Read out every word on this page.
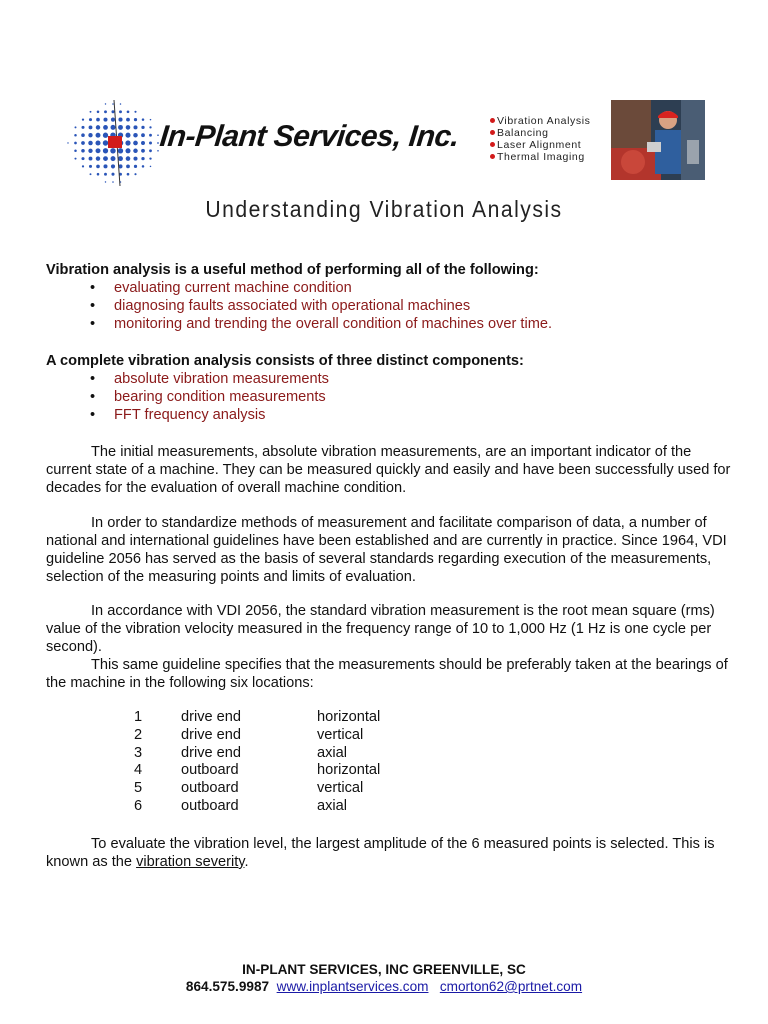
In-Plant Services, Inc.	Vibration Analysis
Balancing
Laser Alignment
Thermal Imaging
Understanding Vibration Analysis
Vibration analysis is a useful method of performing all of the following:
• evaluating current machine condition
• diagnosing faults associated with operational machines
• monitoring and trending the overall condition of machines over time.
A complete vibration analysis consists of three distinct components:
• absolute vibration measurements
• bearing condition measurements
• FFT frequency analysis

The initial measurements, absolute vibration measurements, are an important indicator of the current state of a machine. They can be measured quickly and easily and have been successfully used for decades for the evaluation of overall machine condition.

In order to standardize methods of measurement and facilitate comparison of data, a number of national and international guidelines have been established and are currently in practice. Since 1964, VDI guideline 2056 has served as the basis of several standards regarding execution of the measurements, selection of the measuring points and limits of evaluation.

In accordance with VDI 2056, the standard vibration measurement is the root mean square (rms) value of the vibration velocity measured in the frequency range of 10 to 1,000 Hz (1 Hz is one cycle per second).

This same guideline specifies that the measurements should be preferably taken at the bearings of the machine in the following six locations:

1	drive end	horizontal
2	drive end	vertical
3	drive end	axial
4	outboard	horizontal
5	outboard	vertical
6	outboard	axial

To evaluate the vibration level, the largest amplitude of the 6 measured points is selected. This is known as the vibration severity.

IN-PLANT SERVICES, INC GREENVILLE, SC
864.575.9987 www.inplantservices.com cmorton62@prtnet.com
